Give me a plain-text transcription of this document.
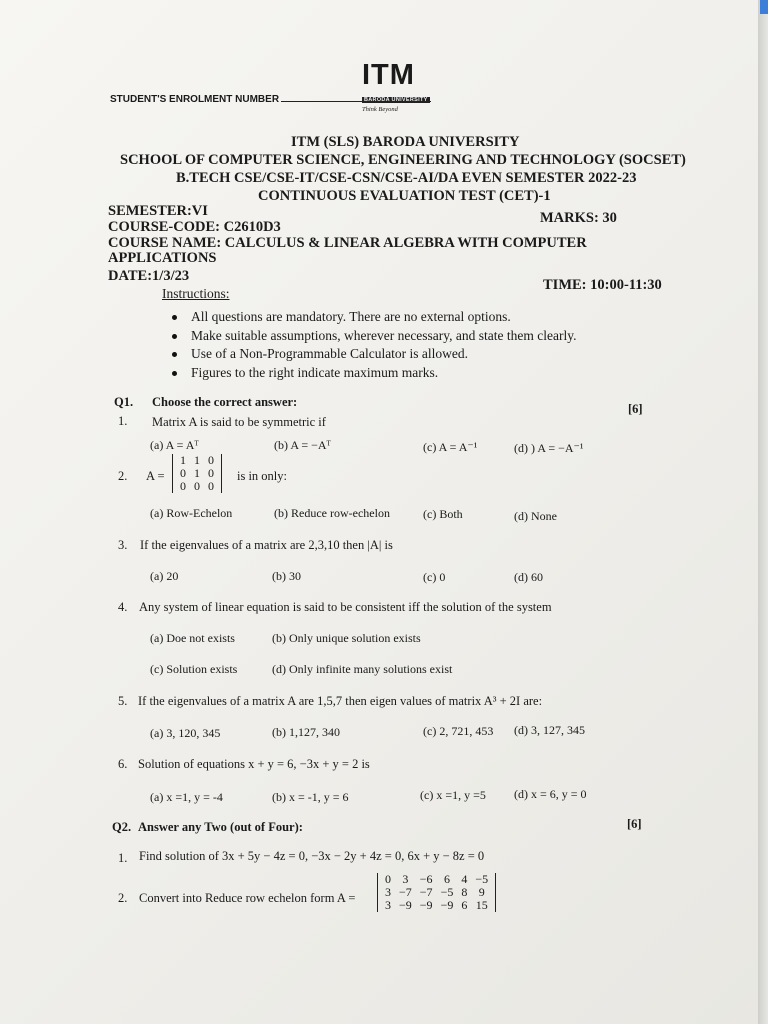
ITM
BARODA UNIVERSITY
Think Beyond
STUDENT'S ENROLMENT NUMBER
ITM (SLS) BARODA UNIVERSITY
SCHOOL OF COMPUTER SCIENCE, ENGINEERING AND TECHNOLOGY (SOCSET)
B.TECH CSE/CSE-IT/CSE-CSN/CSE-AI/DA EVEN SEMESTER 2022-23
CONTINUOUS EVALUATION TEST (CET)-1
SEMESTER:VI	MARKS: 30
COURSE-CODE: C2610D3
COURSE NAME: CALCULUS & LINEAR ALGEBRA WITH COMPUTER
APPLICATIONS
DATE:1/3/23
TIME: 10:00-11:30
Instructions:
All questions are mandatory. There are no external options.
Make suitable assumptions, wherever necessary, and state them clearly.
Use of a Non-Programmable Calculator is allowed.
Figures to the right indicate maximum marks.
Q1. Choose the correct answer:	[6]
1. Matrix A is said to be symmetric if
(a) A = Aᵀ	(b) A = −Aᵀ	(c) A = A⁻¹	(d) ) A = −A⁻¹
2. A =
1	1	0
0	1	0
0	0	0
is in only:
(a) Row-Echelon	(b) Reduce row-echelon	(c) Both	(d) None
3. If the eigenvalues of a matrix are 2,3,10 then |A| is
(a) 20	(b) 30	(c) 0	(d) 60
4. Any system of linear equation is said to be consistent iff the solution of the system
(a) Doe not exists	(b) Only unique solution exists
(c) Solution exists	(d) Only infinite many solutions exist
5. If the eigenvalues of a matrix A are 1,5,7 then eigen values of matrix A³ + 2I are:
(a) 3, 120, 345	(b) 1,127, 340	(c) 2, 721, 453 (d) 3, 127, 345
6. Solution of equations x + y = 6, −3x + y = 2 is
(a) x =1, y = -4	(b) x = -1, y = 6	(c) x =1, y =5 (d) x = 6, y = 0
Q2. Answer any Two (out of Four):	[6]
1. Find solution of 3x + 5y − 4z = 0, −3x − 2y + 4z = 0, 6x + y − 8z = 0
2. Convert into Reduce row echelon form A =
0	3	−6	6	4	−5
3	−7	−7	−5	8	9
3	−9	−9	−9	6	15
